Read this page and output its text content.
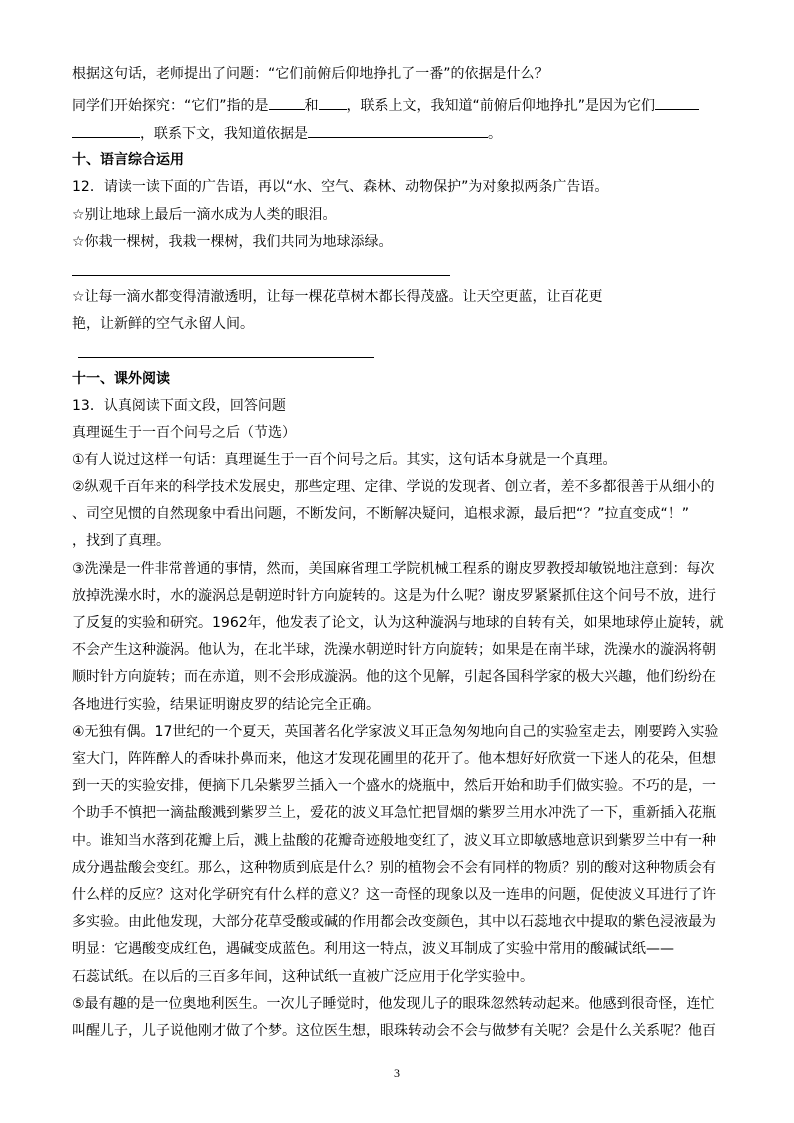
根据这句话，老师提出了问题：“它们前俯后仰地挣扎了一番”的依据是什么？
同学们开始探究：“它们”指的是	和 ，联系上文，我知道“前俯后仰地挣扎”是因为它们
，联系下文，我知道依据是	。
十、语言综合运用
12．请读一读下面的广告语，再以“水、空气、森林、动物保护”为对象拟两条广告语。
☆别让地球上最后一滴水成为人类的眼泪。
☆你栽一棵树，我栽一棵树，我们共同为地球添绿。
☆让每一滴水都变得清澈透明，让每一棵花草树木都长得茂盛。让天空更蓝，让百花更
艳，让新鲜的空气永留人间。
十一、课外阅读
13．认真阅读下面文段，回答问题
真理诞生于一百个问号之后（节选）
①有人说过这样一句话：真理诞生于一百个问号之后。其实，这句话本身就是一个真理。
②纵观千百年来的科学技术发展史，那些定理、定律、学说的发现者、创立者，差不多都很善于从细小的
、司空见惯的自然现象中看出问题，不断发问，不断解决疑问，追根求源，最后把“？”拉直变成“！”
，找到了真理。
③洗澡是一件非常普通的事情，然而，美国麻省理工学院机械工程系的谢皮罗教授却敏锐地注意到：每次
放掉洗澡水时，水的漩涡总是朝逆时针方向旋转的。这是为什么呢？谢皮罗紧紧抓住这个问号不放，进行
了反复的实验和研究。1962年，他发表了论文，认为这种漩涡与地球的自转有关，如果地球停止旋转，就
不会产生这种漩涡。他认为，在北半球，洗澡水朝逆时针方向旋转；如果是在南半球，洗澡水的漩涡将朝
顺时针方向旋转；而在赤道，则不会形成漩涡。他的这个见解，引起各国科学家的极大兴趣，他们纷纷在
各地进行实验，结果证明谢皮罗的结论完全正确。
④无独有偶。17世纪的一个夏天，英国著名化学家波义耳正急匆匆地向自己的实验室走去，刚要跨入实验
室大门，阵阵醉人的香味扑鼻而来，他这才发现花圃里的花开了。他本想好好欣赏一下迷人的花朵，但想
到一天的实验安排，便摘下几朵紫罗兰插入一个盛水的烧瓶中，然后开始和助手们做实验。不巧的是，一
个助手不慎把一滴盐酸溅到紫罗兰上，爱花的波义耳急忙把冒烟的紫罗兰用水冲洗了一下，重新插入花瓶
中。谁知当水落到花瓣上后，溅上盐酸的花瓣奇迹般地变红了，波义耳立即敏感地意识到紫罗兰中有一种
成分遇盐酸会变红。那么，这种物质到底是什么？别的植物会不会有同样的物质？别的酸对这种物质会有
什么样的反应？这对化学研究有什么样的意义？这一奇怪的现象以及一连串的问题，促使波义耳进行了许
多实验。由此他发现，大部分花草受酸或碱的作用都会改变颜色，其中以石蕊地衣中提取的紫色浸液最为
明显：它遇酸变成红色，遇碱变成蓝色。利用这一特点，波义耳制成了实验中常用的酸碱试纸——
石蕊试纸。在以后的三百多年间，这种试纸一直被广泛应用于化学实验中。
⑤最有趣的是一位奥地利医生。一次儿子睡觉时，他发现儿子的眼珠忽然转动起来。他感到很奇怪，连忙
叫醒儿子，儿子说他刚才做了个梦。这位医生想，眼珠转动会不会与做梦有关呢？会是什么关系呢？他百
3
